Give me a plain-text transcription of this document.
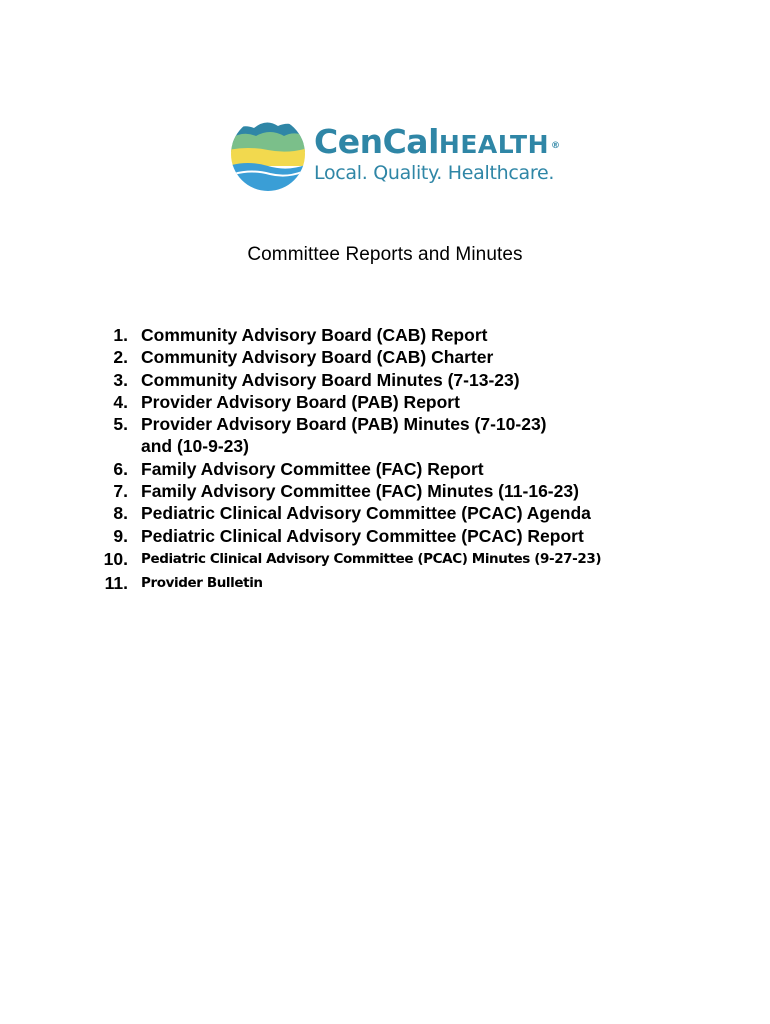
CenCalHEALTH ®
Local. Quality. Healthcare.
Committee Reports and Minutes
1. Community Advisory Board (CAB) Report
2. Community Advisory Board (CAB) Charter
3. Community Advisory Board Minutes (7-13-23)
4. Provider Advisory Board (PAB) Report
5. Provider Advisory Board (PAB) Minutes (7-10-23)
and (10-9-23)
6. Family Advisory Committee (FAC) Report
7. Family Advisory Committee (FAC) Minutes (11-16-23)
8. Pediatric Clinical Advisory Committee (PCAC) Agenda
9. Pediatric Clinical Advisory Committee (PCAC) Report
10. Pediatric Clinical Advisory Committee (PCAC) Minutes (9-27-23)
11. Provider Bulletin
